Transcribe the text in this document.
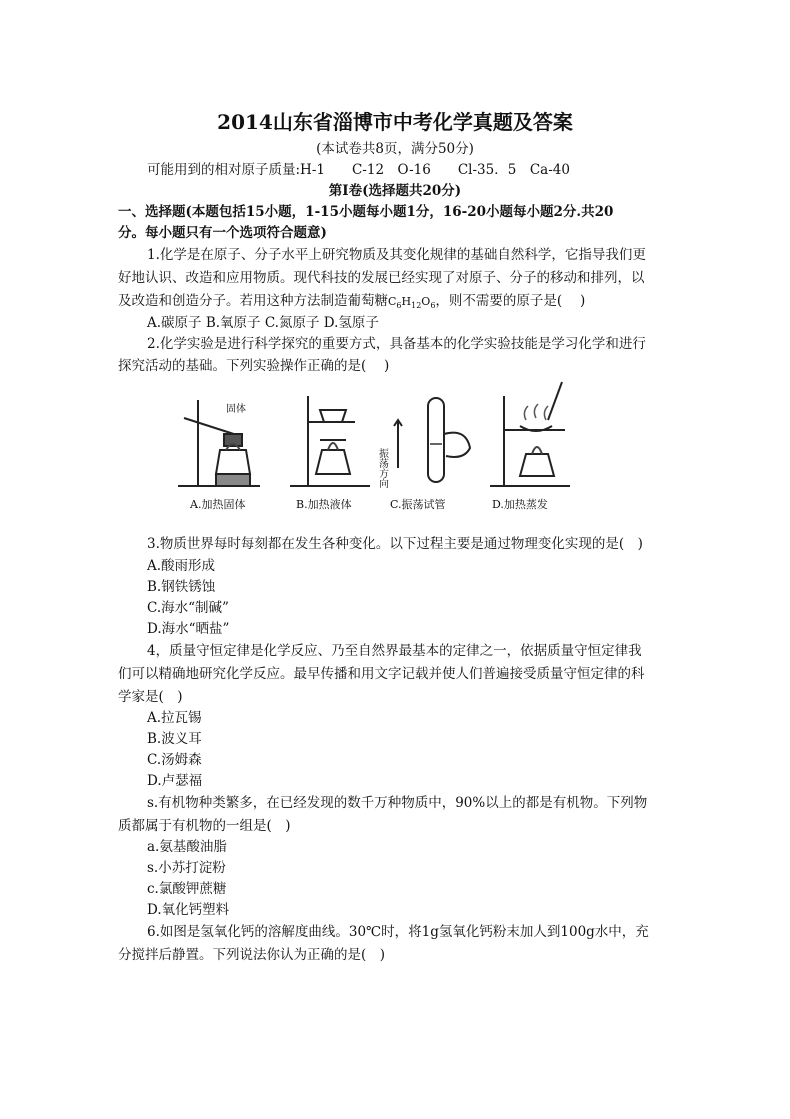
2014山东省淄博市中考化学真题及答案
(本试卷共8页，满分50分)
可能用到的相对原子质量:H-1　　C-12　O-16　　Cl-35．5　Ca-40
第Ⅰ卷(选择题共20分)
一、选择题(本题包括15小题，1-15小题每小题1分，16-20小题每小题2分.共20
分。每小题只有一个选项符合题意)
1.化学是在原子、分子水平上研究物质及其变化规律的基础自然科学，它指导我们更
好地认识、改造和应用物质。现代科技的发展已经实现了对原子、分子的移动和排列，以
及改造和创造分子。若用这种方法制造葡萄糖$C_6H_{12}O_6$，则不需要的原子是(　 )
A.碳原子 B.氧原子 C.氮原子 D.氢原子
2.化学实验是进行科学探究的重要方式，具备基本的化学实验技能是学习化学和进行
探究活动的基础。下列实验操作正确的是(　 )
固体
振荡方向
A.加热固体	B.加热液体	C.振荡试管	D.加热蒸发
3.物质世界每时每刻都在发生各种变化。以下过程主要是通过物理变化实现的是(　)
A.酸雨形成
B.钢铁锈蚀
C.海水“制碱”
D.海水“晒盐”
4，质量守恒定律是化学反应、乃至自然界最基本的定律之一，依据质量守恒定律我
们可以精确地研究化学反应。最早传播和用文字记载并使人们普遍接受质量守恒定律的科
学家是(　)
A.拉瓦锡
B.波义耳
C.汤姆森
D.卢瑟福
s.有机物种类繁多，在已经发现的数千万种物质中，90%以上的都是有机物。下列物
质都属于有机物的一组是(　)
a.氨基酸油脂
s.小苏打淀粉
c.氯酸钾蔗糖
D.氧化钙塑料
6.如图是氢氧化钙的溶解度曲线。30℃时，将1g氢氧化钙粉末加人到100g水中，充
分搅拌后静置。下列说法你认为正确的是(　)
